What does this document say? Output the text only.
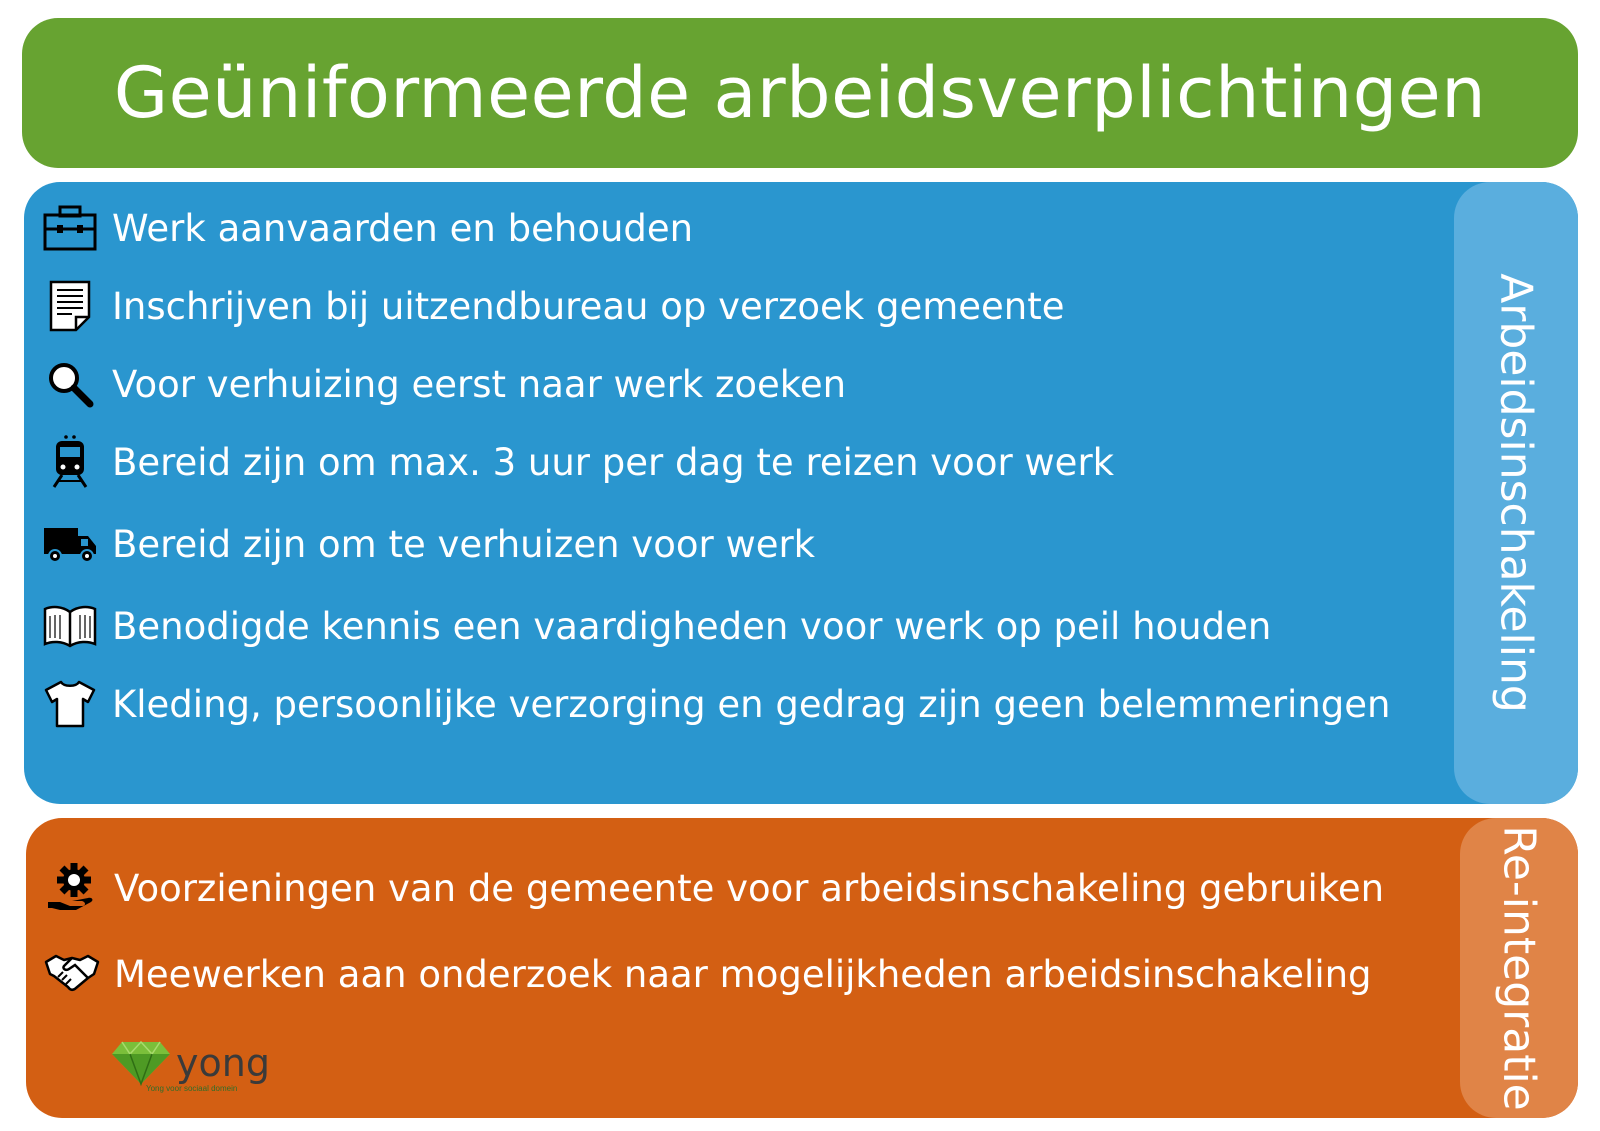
Geüniformeerde arbeidsverplichtingen
Werk aanvaarden en behouden
Inschrijven bij uitzendbureau op verzoek gemeente
Voor verhuizing eerst naar werk zoeken
Bereid zijn om max. 3 uur per dag te reizen voor werk
Bereid zijn om te verhuizen voor werk
Benodigde kennis een vaardigheden voor werk op peil houden
Kleding, persoonlijke verzorging en gedrag zijn geen belemmeringen Arbeidsinschakeling
Voorzieningen van de gemeente voor arbeidsinschakeling gebruiken
Meewerken aan onderzoek naar mogelijkheden arbeidsinschakeling
yong
Yong voor sociaal domein	Re-integratie
